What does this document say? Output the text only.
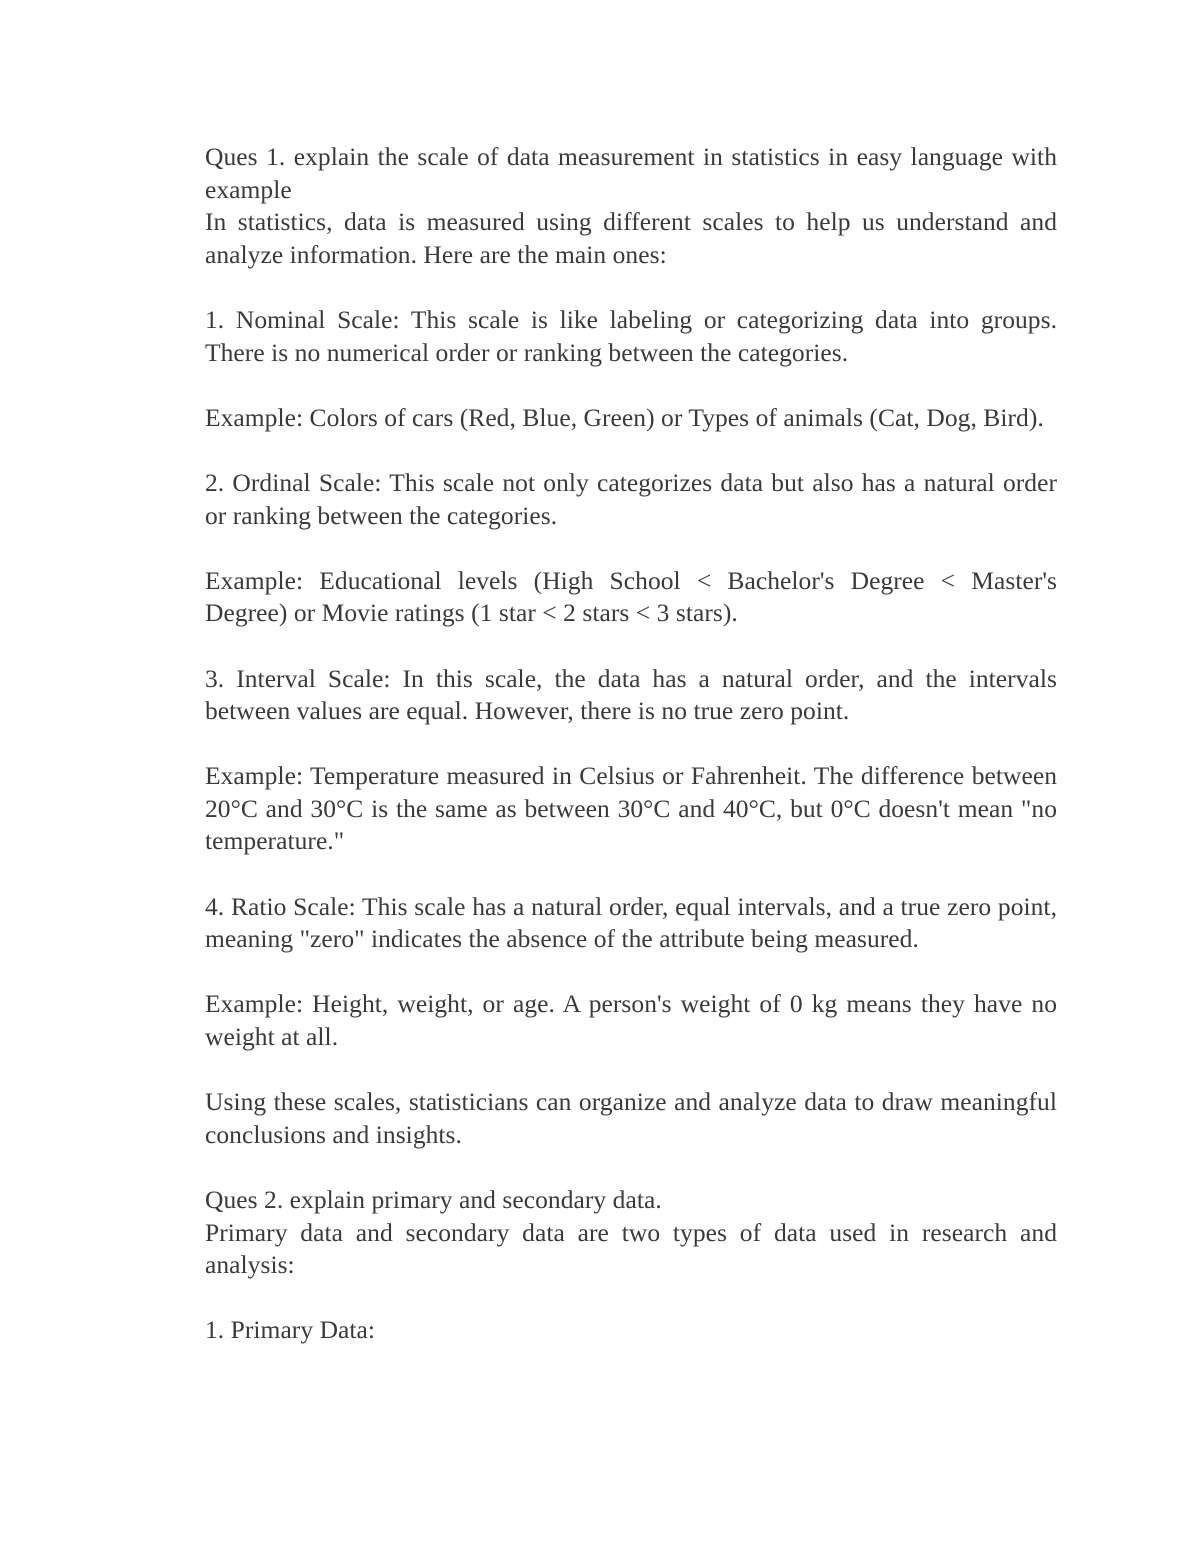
Ques 1. explain the scale of data measurement in statistics in easy language with example

In statistics, data is measured using different scales to help us understand and analyze information. Here are the main ones:

1. Nominal Scale: This scale is like labeling or categorizing data into groups. There is no numerical order or ranking between the categories.

Example: Colors of cars (Red, Blue, Green) or Types of animals (Cat, Dog, Bird).

2. Ordinal Scale: This scale not only categorizes data but also has a natural order or ranking between the categories.

Example: Educational levels (High School < Bachelor's Degree < Master's Degree) or Movie ratings (1 star < 2 stars < 3 stars).

3. Interval Scale: In this scale, the data has a natural order, and the intervals between values are equal. However, there is no true zero point.

Example: Temperature measured in Celsius or Fahrenheit. The difference between 20°C and 30°C is the same as between 30°C and 40°C, but 0°C doesn't mean "no temperature."

4. Ratio Scale: This scale has a natural order, equal intervals, and a true zero point, meaning "zero" indicates the absence of the attribute being measured.

Example: Height, weight, or age. A person's weight of 0 kg means they have no weight at all.

Using these scales, statisticians can organize and analyze data to draw meaningful conclusions and insights.

Ques 2. explain primary and secondary data.

Primary data and secondary data are two types of data used in research and analysis:

1. Primary Data:
